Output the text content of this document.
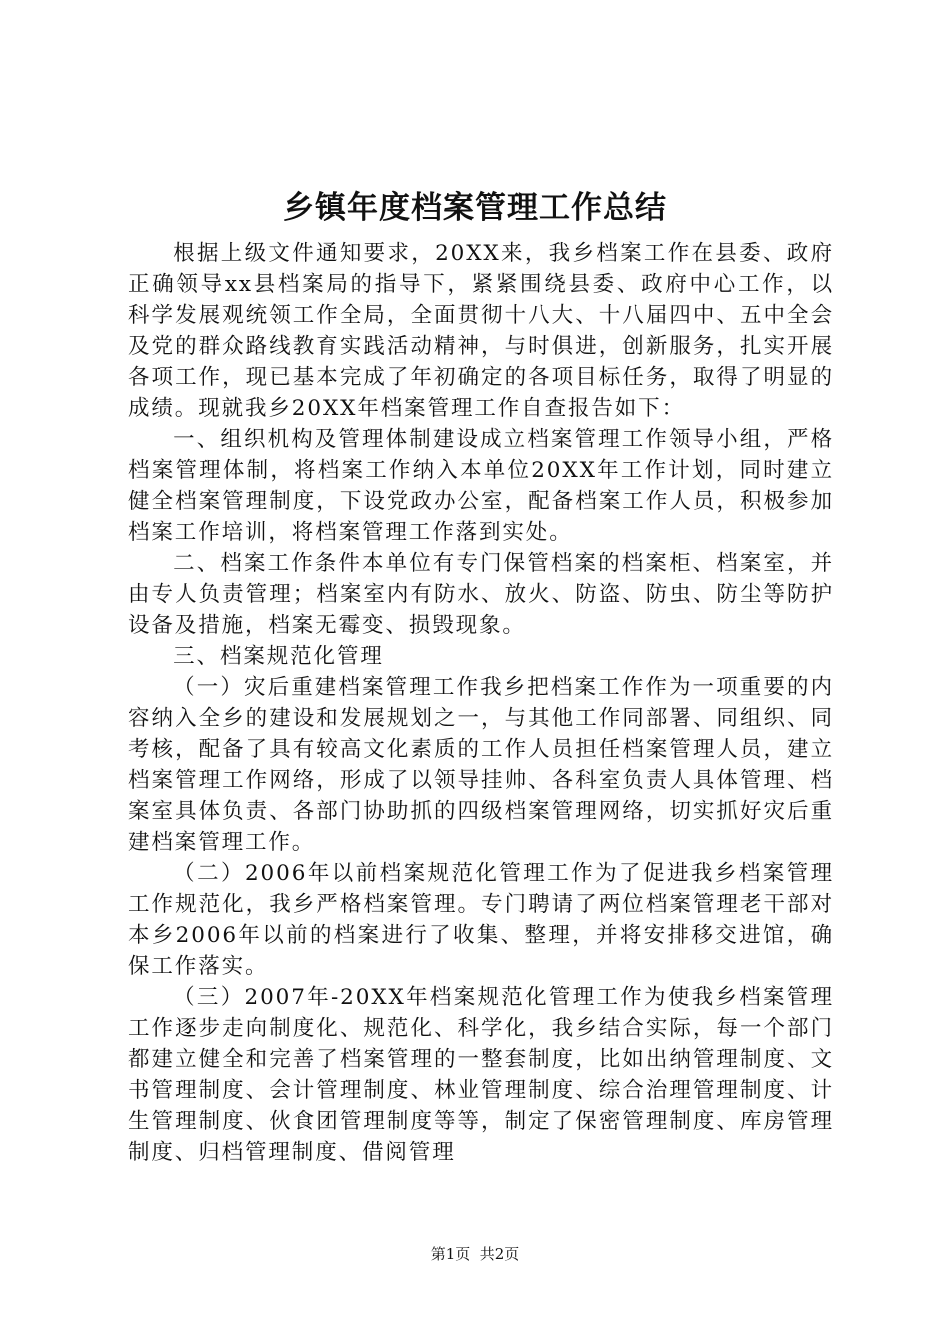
乡镇年度档案管理工作总结

根据上级文件通知要求，20XX来，我乡档案工作在县委、政府正确领导xx县档案局的指导下，紧紧围绕县委、政府中心工作，以科学发展观统领工作全局，全面贯彻十八大、十八届四中、五中全会及党的群众路线教育实践活动精神，与时俱进，创新服务，扎实开展各项工作，现已基本完成了年初确定的各项目标任务，取得了明显的成绩。现就我乡20XX年档案管理工作自查报告如下：

一、组织机构及管理体制建设成立档案管理工作领导小组，严格档案管理体制，将档案工作纳入本单位20XX年工作计划，同时建立健全档案管理制度，下设党政办公室，配备档案工作人员，积极参加档案工作培训，将档案管理工作落到实处。

二、档案工作条件本单位有专门保管档案的档案柜、档案室，并由专人负责管理；档案室内有防水、放火、防盗、防虫、防尘等防护设备及措施，档案无霉变、损毁现象。

三、档案规范化管理

（一）灾后重建档案管理工作我乡把档案工作作为一项重要的内容纳入全乡的建设和发展规划之一，与其他工作同部署、同组织、同考核，配备了具有较高文化素质的工作人员担任档案管理人员，建立档案管理工作网络，形成了以领导挂帅、各科室负责人具体管理、档案室具体负责、各部门协助抓的四级档案管理网络，切实抓好灾后重建档案管理工作。

（二）2006年以前档案规范化管理工作为了促进我乡档案管理工作规范化，我乡严格档案管理。专门聘请了两位档案管理老干部对本乡2006年以前的档案进行了收集、整理，并将安排移交进馆，确保工作落实。

（三）2007年-20XX年档案规范化管理工作为使我乡档案管理工作逐步走向制度化、规范化、科学化，我乡结合实际，每一个部门都建立健全和完善了档案管理的一整套制度，比如出纳管理制度、文书管理制度、会计管理制度、林业管理制度、综合治理管理制度、计生管理制度、伙食团管理制度等等，制定了保密管理制度、库房管理制度、归档管理制度、借阅管理

第1页  共2页
